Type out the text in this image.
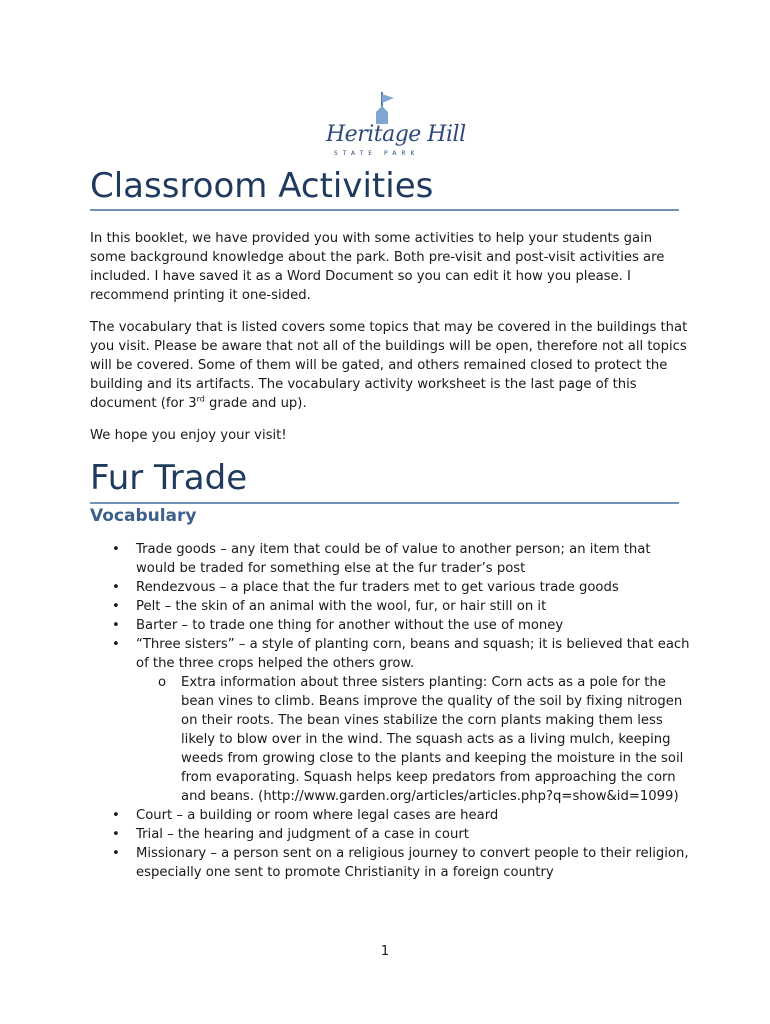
Heritage Hill
STATE PARK
Classroom Activities

In this booklet, we have provided you with some activities to help your students gain some background knowledge about the park. Both pre-visit and post-visit activities are included. I have saved it as a Word Document so you can edit it how you please. I recommend printing it one-sided.

The vocabulary that is listed covers some topics that may be covered in the buildings that you visit. Please be aware that not all of the buildings will be open, therefore not all topics will be covered. Some of them will be gated, and others remained closed to protect the building and its artifacts. The vocabulary activity worksheet is the last page of this document (for 3rd grade and up).

We hope you enjoy your visit!

Fur Trade
Vocabulary
• Trade goods – any item that could be of value to another person; an item that would be traded for something else at the fur trader’s post
• Rendezvous – a place that the fur traders met to get various trade goods
• Pelt – the skin of an animal with the wool, fur, or hair still on it
• Barter – to trade one thing for another without the use of money
• “Three sisters” – a style of planting corn, beans and squash; it is believed that each of the three crops helped the others grow.
o Extra information about three sisters planting: Corn acts as a pole for the bean vines to climb. Beans improve the quality of the soil by fixing nitrogen on their roots. The bean vines stabilize the corn plants making them less likely to blow over in the wind. The squash acts as a living mulch, keeping weeds from growing close to the plants and keeping the moisture in the soil from evaporating. Squash helps keep predators from approaching the corn and beans. (http://www.garden.org/articles/articles.php?q=show&id=1099)
• Court – a building or room where legal cases are heard
• Trial – the hearing and judgment of a case in court
• Missionary – a person sent on a religious journey to convert people to their religion, especially one sent to promote Christianity in a foreign country
1
